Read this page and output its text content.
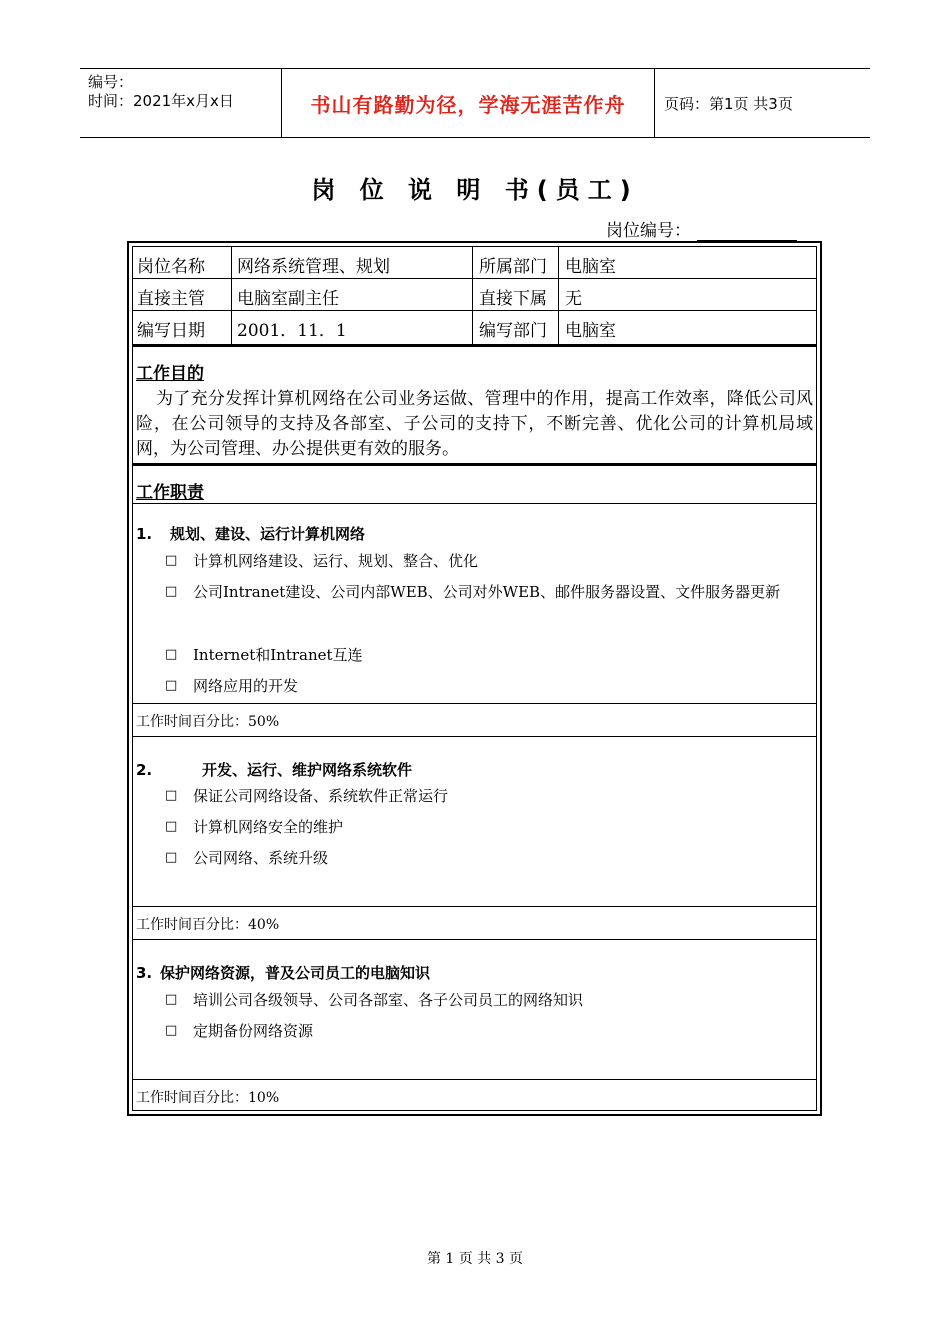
编号：
时间：2021年x月x日	书山有路勤为径，学海无涯苦作舟	页码：第1页 共3页
岗 位 说 明 书(员工)
岗位编号：
岗位名称 网络系统管理、规划	所属部门 电脑室
直接主管 电脑室副主任	直接下属 无
编写日期 2001．11．1	编写部门 电脑室
工作目的
为了充分发挥计算机网络在公司业务运做、管理中的作用，提高工作效率，降低公司风险，在公司领导的支持及各部室、子公司的支持下，不断完善、优化公司的计算机局域网，为公司管理、办公提供更有效的服务。
工作职责
1. 规划、建设、运行计算机网络
□	计算机网络建设、运行、规划、整合、优化
□	公司Intranet建设、公司内部WEB、公司对外WEB、邮件服务器设置、文件服务器更新
□	Internet和Intranet互连
□	网络应用的开发
工作时间百分比：50%
2.	开发、运行、维护网络系统软件
□	保证公司网络设备、系统软件正常运行
□	计算机网络安全的维护
□	公司网络、系统升级
工作时间百分比：40%
3. 保护网络资源，普及公司员工的电脑知识
□	培训公司各级领导、公司各部室、各子公司员工的网络知识
□	定期备份网络资源
工作时间百分比：10%
第 1 页 共 3 页
